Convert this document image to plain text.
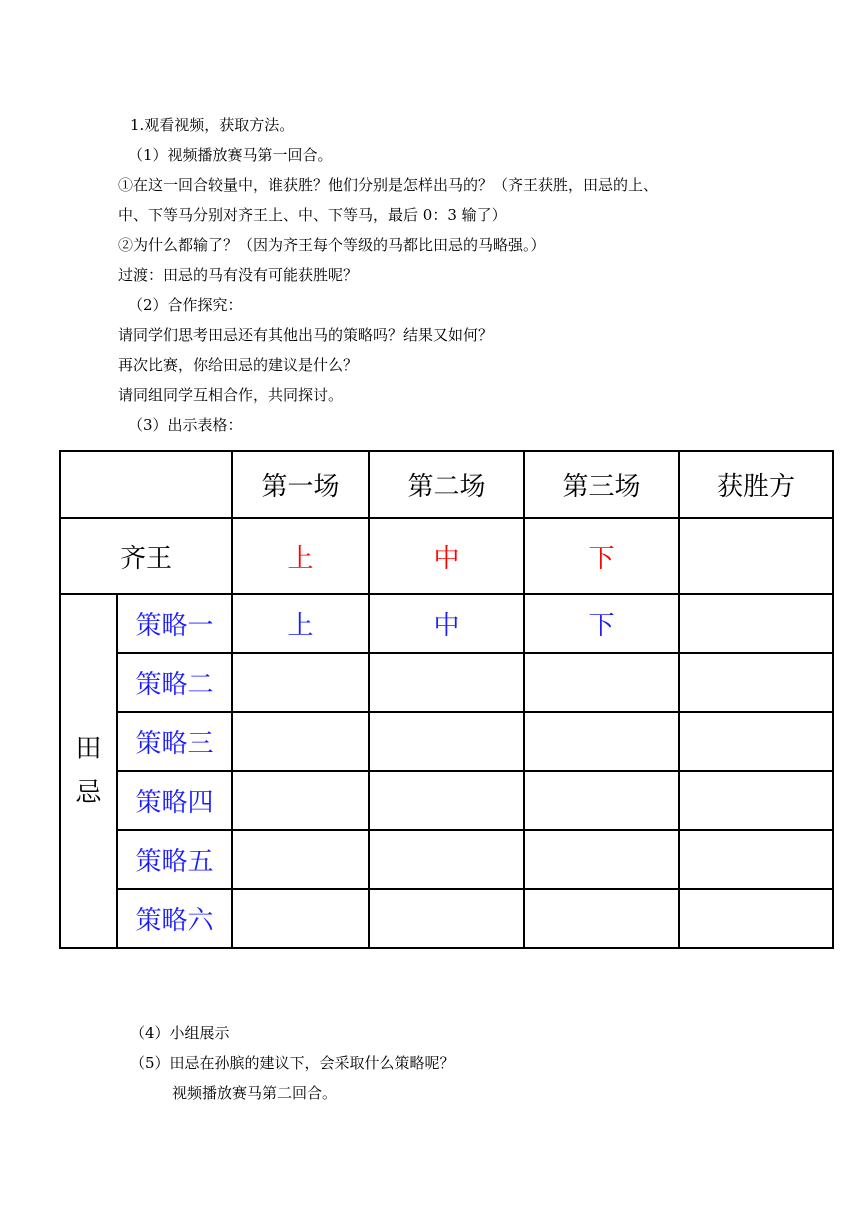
1.观看视频，获取方法。
（1）视频播放赛马第一回合。
①在这一回合较量中，谁获胜？他们分别是怎样出马的？（齐王获胜，田忌的上、
中、下等马分别对齐王上、中、下等马，最后 0：3 输了）
②为什么都输了？（因为齐王每个等级的马都比田忌的马略强。）
过渡：田忌的马有没有可能获胜呢？
（2）合作探究：
请同学们思考田忌还有其他出马的策略吗？结果又如何？
再次比赛，你给田忌的建议是什么？
请同组同学互相合作，共同探讨。
（3）出示表格：
		第一场	第二场	第三场	获胜方
齐王		上	中	下	

田
忌	策略一	上	中	下	
	策略二				
	策略三				
	策略四				
	策略五				
	策略六				
（4）小组展示
（5）田忌在孙膑的建议下，会采取什么策略呢？
视频播放赛马第二回合。
